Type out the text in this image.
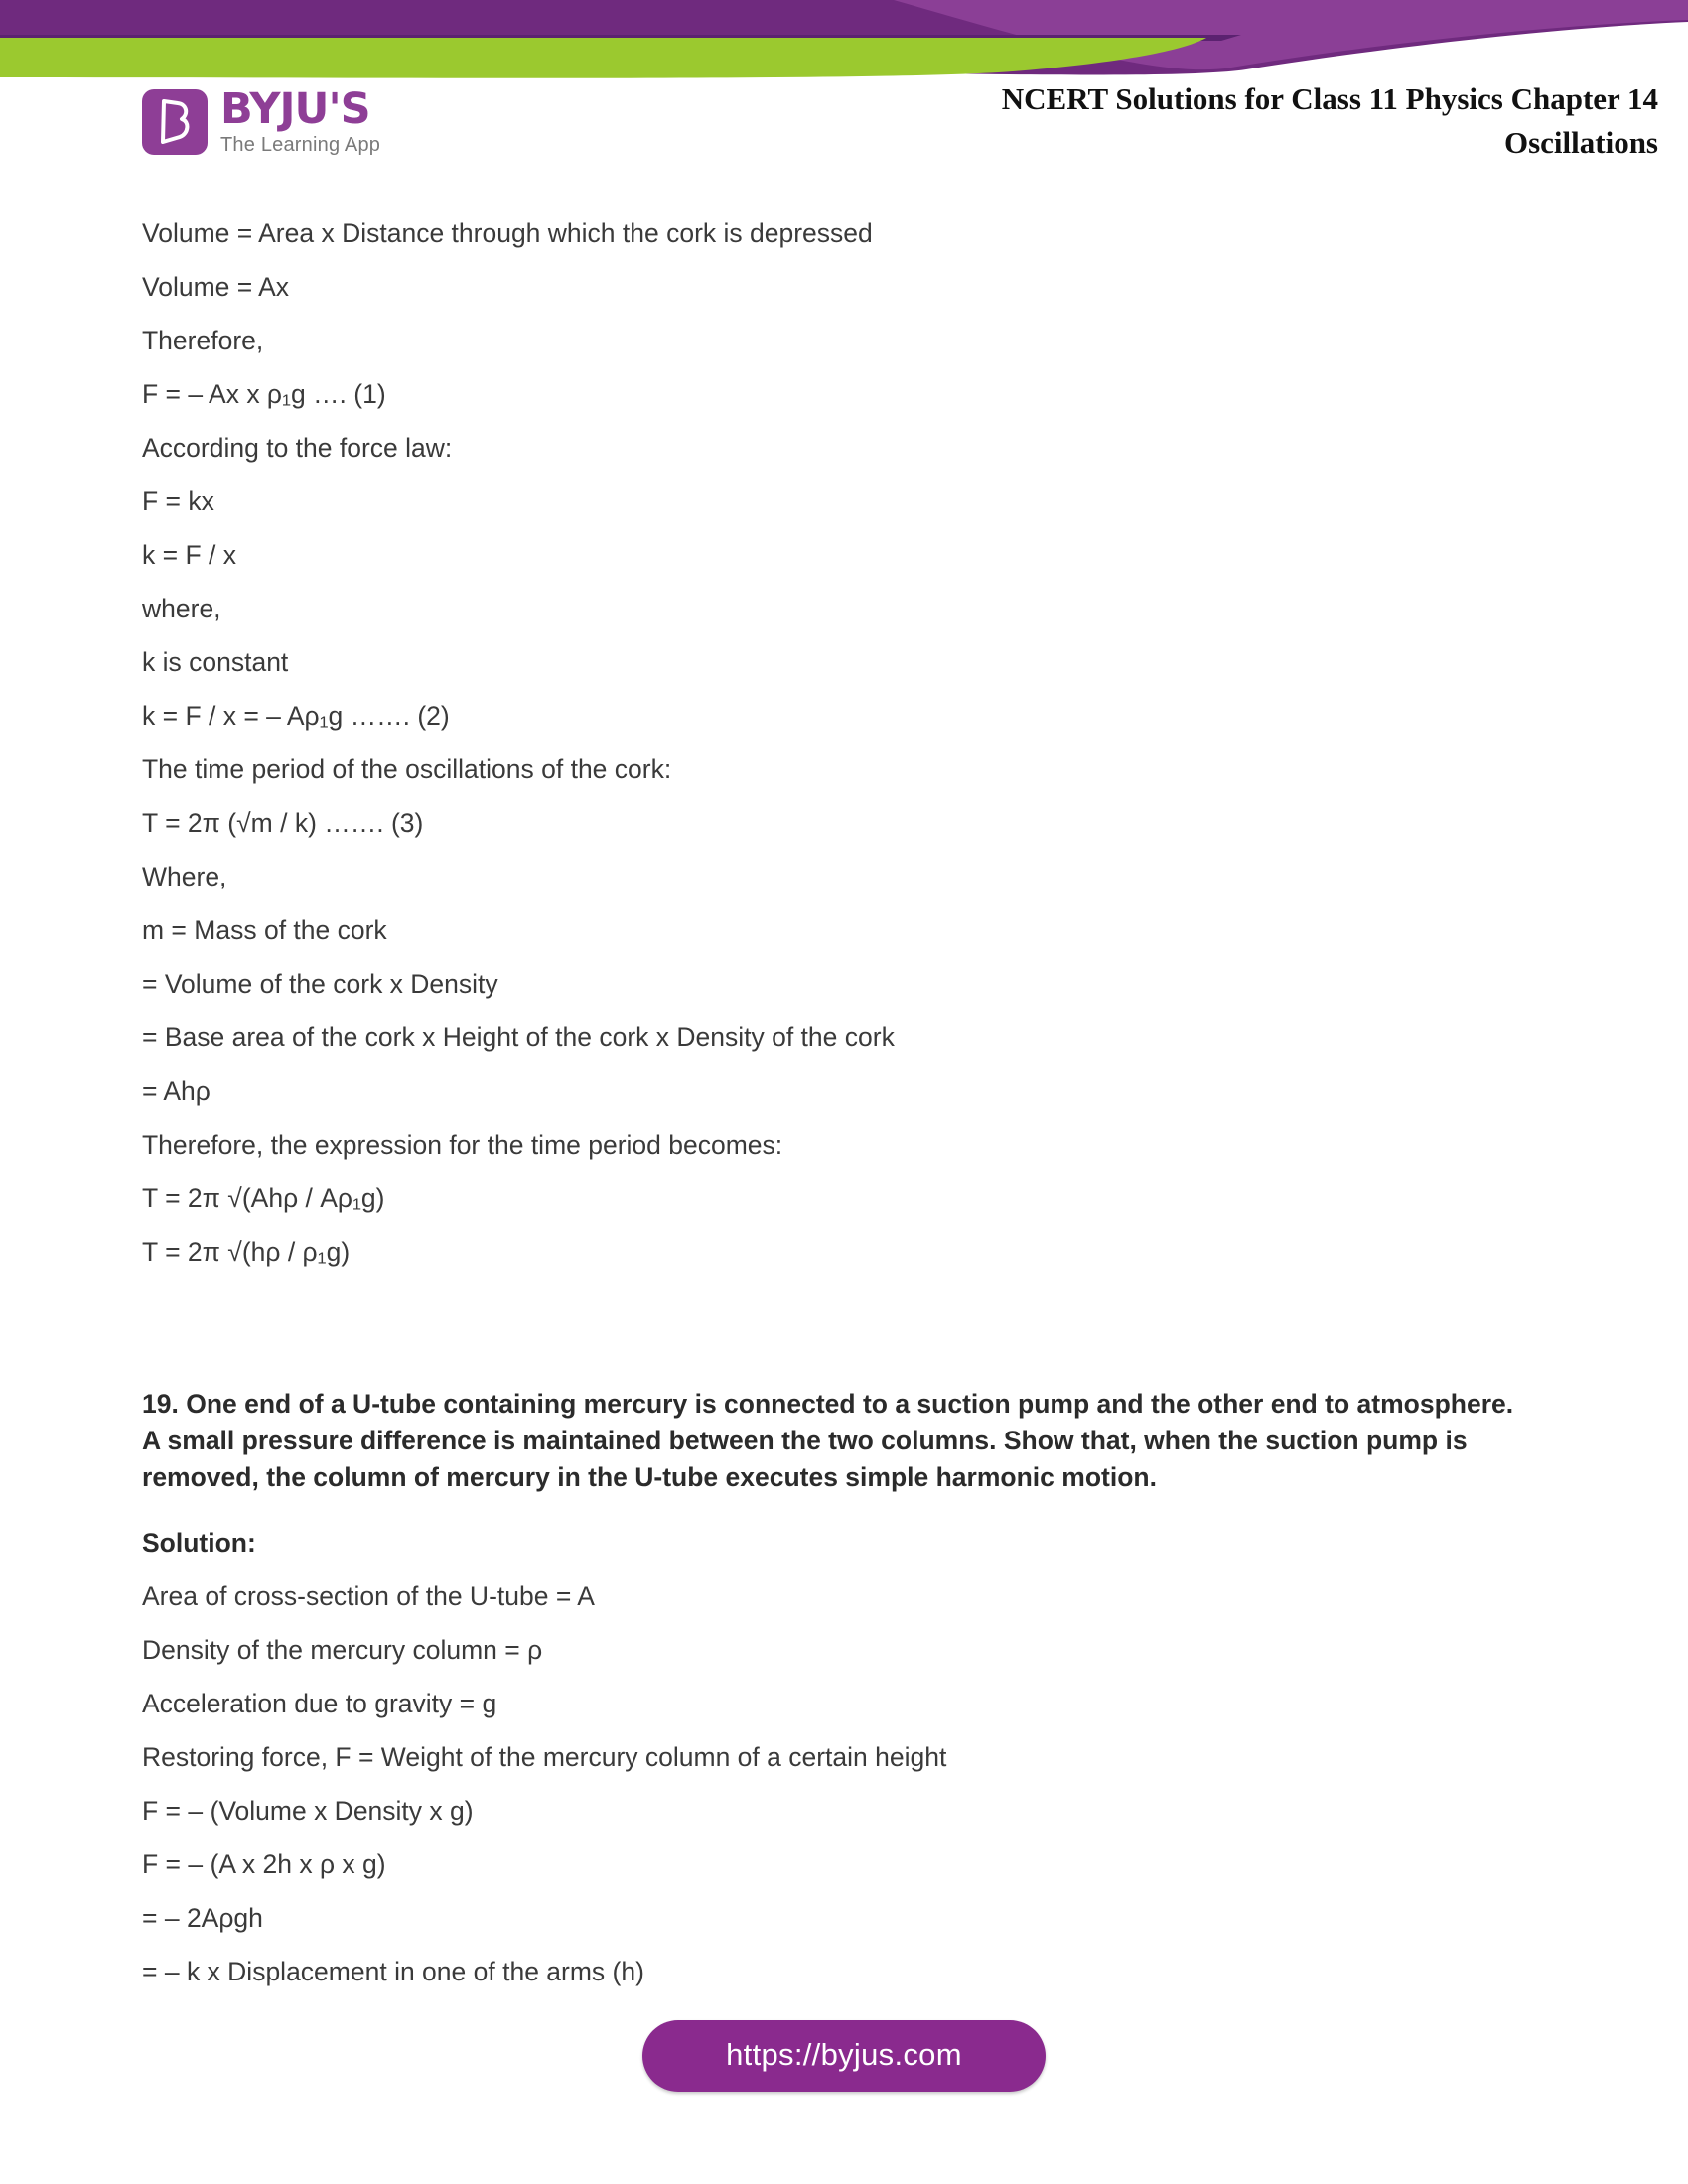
BYJU'S
The Learning App
NCERT Solutions for Class 11 Physics Chapter 14
Oscillations
Volume = Area x Distance through which the cork is depressed
Volume = Ax
Therefore,
F = – Ax x ρ₁g …. (1)
According to the force law:
F = kx
k = F / x
where,
k is constant
k = F / x = – Aρ₁g ……. (2)
The time period of the oscillations of the cork:
T = 2π (√m / k) ……. (3)
Where,
m = Mass of the cork
= Volume of the cork x Density
= Base area of the cork x Height of the cork x Density of the cork
= Ahρ
Therefore, the expression for the time period becomes:
T = 2π √(Ahρ / Aρ₁g)
T = 2π √(hρ / ρ₁g)

19. One end of a U-tube containing mercury is connected to a suction pump and the other end to atmosphere. A small pressure difference is maintained between the two columns. Show that, when the suction pump is removed, the column of mercury in the U-tube executes simple harmonic motion.

Solution:
Area of cross-section of the U-tube = A
Density of the mercury column = ρ
Acceleration due to gravity = g
Restoring force, F = Weight of the mercury column of a certain height
F = – (Volume x Density x g)
F = – (A x 2h x ρ x g)
= – 2Aρgh
= – k x Displacement in one of the arms (h)
https://byjus.com
